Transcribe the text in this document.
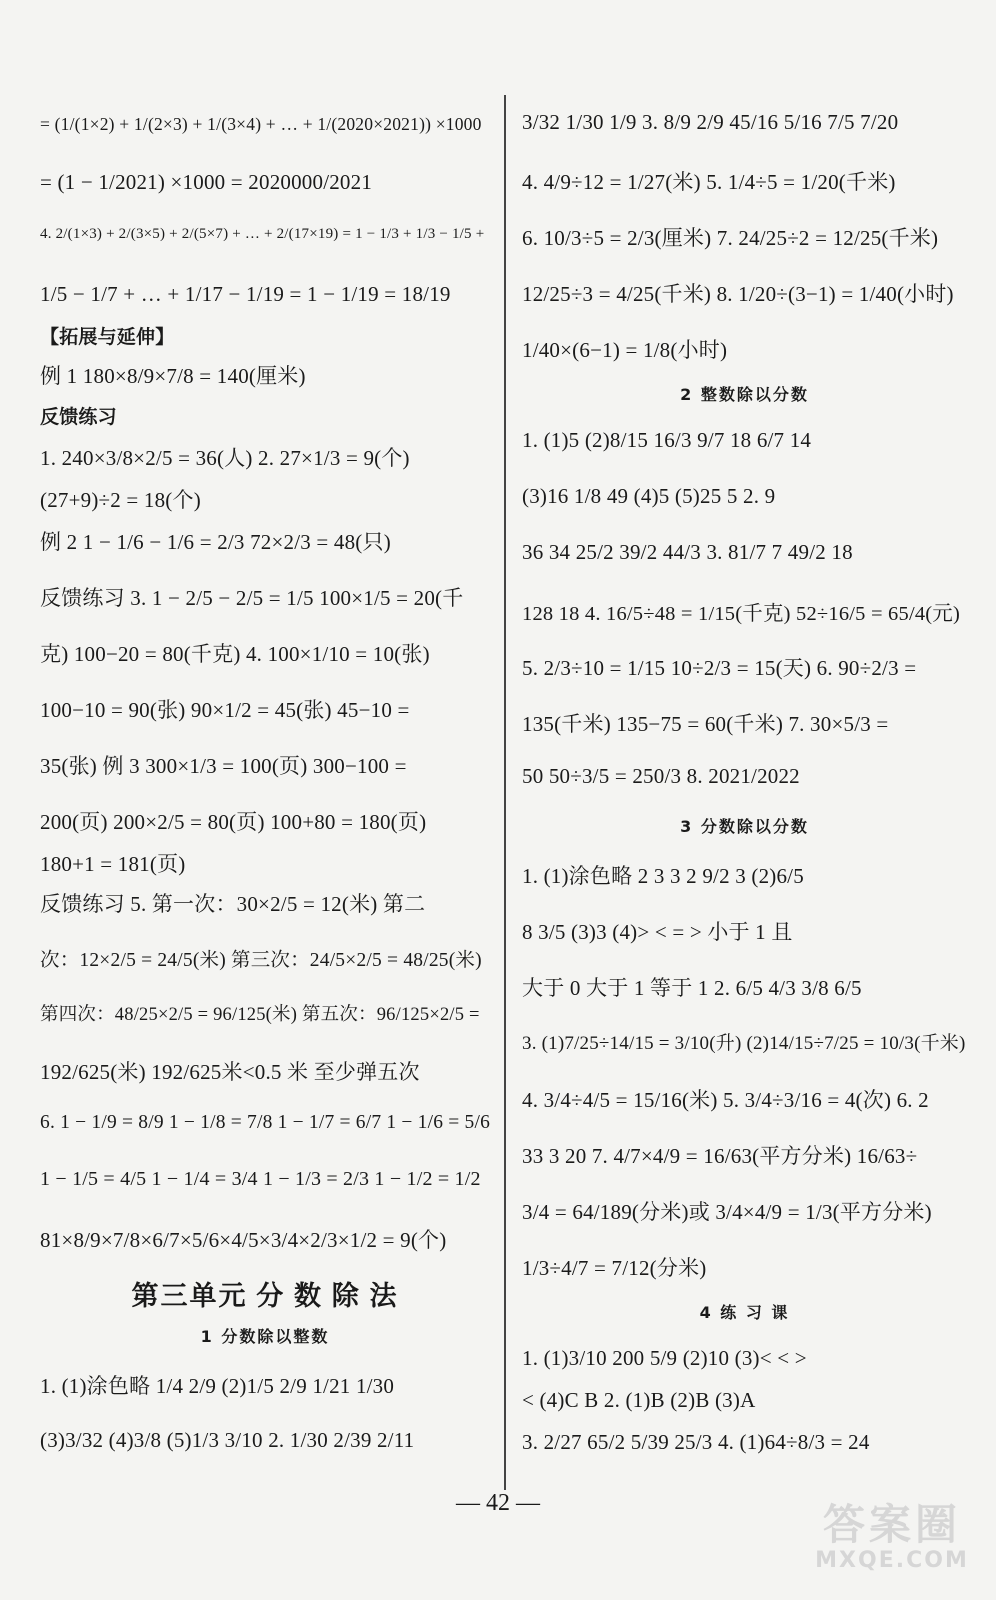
= (1/(1×2) + 1/(2×3) + 1/(3×4) + … + 1/(2020×2021)) ×1000
= (1 − 1/2021) ×1000 = 2020000/2021
4. 2/(1×3) + 2/(3×5) + 2/(5×7) + … + 2/(17×19) = 1 − 1/3 + 1/3 − 1/5 +
1/5 − 1/7 + … + 1/17 − 1/19 = 1 − 1/19 = 18/19
【拓展与延伸】
例 1 180×8/9×7/8 = 140(厘米)
反馈练习
1. 240×3/8×2/5 = 36(人) 2. 27×1/3 = 9(个)
(27+9)÷2 = 18(个)
例 2 1 − 1/6 − 1/6 = 2/3 72×2/3 = 48(只)
反馈练习 3. 1 − 2/5 − 2/5 = 1/5 100×1/5 = 20(千
克) 100−20 = 80(千克) 4. 100×1/10 = 10(张)
100−10 = 90(张) 90×1/2 = 45(张) 45−10 =
35(张) 例 3 300×1/3 = 100(页) 300−100 =
200(页) 200×2/5 = 80(页) 100+80 = 180(页)
180+1 = 181(页)
反馈练习 5. 第一次：30×2/5 = 12(米) 第二
次：12×2/5 = 24/5(米) 第三次：24/5×2/5 = 48/25(米)
第四次：48/25×2/5 = 96/125(米) 第五次：96/125×2/5 =
192/625(米) 192/625米<0.5 米 至少弹五次
6. 1 − 1/9 = 8/9 1 − 1/8 = 7/8 1 − 1/7 = 6/7 1 − 1/6 = 5/6
1 − 1/5 = 4/5 1 − 1/4 = 3/4 1 − 1/3 = 2/3 1 − 1/2 = 1/2
81×8/9×7/8×6/7×5/6×4/5×3/4×2/3×1/2 = 9(个)
第三单元 分 数 除 法
1 分数除以整数
1. (1)涂色略 1/4 2/9 (2)1/5 2/9 1/21 1/30
(3)3/32 (4)3/8 (5)1/3 3/10 2. 1/30 2/39 2/11
3/32 1/30 1/9 3. 8/9 2/9 45/16 5/16 7/5 7/20
4. 4/9÷12 = 1/27(米) 5. 1/4÷5 = 1/20(千米)
6. 10/3÷5 = 2/3(厘米) 7. 24/25÷2 = 12/25(千米)
12/25÷3 = 4/25(千米) 8. 1/20÷(3−1) = 1/40(小时)
1/40×(6−1) = 1/8(小时)
2 整数除以分数
1. (1)5 (2)8/15 16/3 9/7 18 6/7 14
(3)16 1/8 49 (4)5 (5)25 5 2. 9
36 34 25/2 39/2 44/3 3. 81/7 7 49/2 18
128 18 4. 16/5÷48 = 1/15(千克) 52÷16/5 = 65/4(元)
5. 2/3÷10 = 1/15 10÷2/3 = 15(天) 6. 90÷2/3 =
135(千米) 135−75 = 60(千米) 7. 30×5/3 =
50 50÷3/5 = 250/3 8. 2021/2022
3 分数除以分数
1. (1)涂色略 2 3 3 2 9/2 3 (2)6/5
8 3/5 (3)3 (4)> < = > 小于 1 且
大于 0 大于 1 等于 1 2. 6/5 4/3 3/8 6/5
3. (1)7/25÷14/15 = 3/10(升) (2)14/15÷7/25 = 10/3(千米)
4. 3/4÷4/5 = 15/16(米) 5. 3/4÷3/16 = 4(次) 6. 2
33 3 20 7. 4/7×4/9 = 16/63(平方分米) 16/63÷
3/4 = 64/189(分米)或 3/4×4/9 = 1/3(平方分米)
1/3÷4/7 = 7/12(分米)
4 练 习 课
1. (1)3/10 200 5/9 (2)10 (3)< < >
< (4)C B 2. (1)B (2)B (3)A
3. 2/27 65/2 5/39 25/3 4. (1)64÷8/3 = 24
— 42 —	答案圈
MXQE.COM
